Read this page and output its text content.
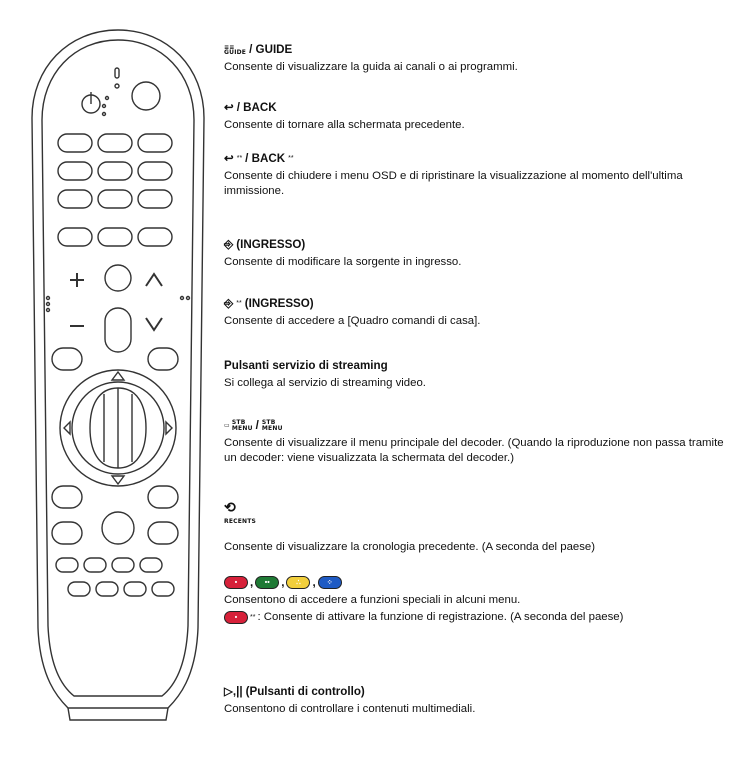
≡≡
GUIDE / GUIDE
Consente di visualizzare la guida ai canali o ai programmi.
↩ / BACK
Consente di tornare alla schermata precedente.
↩ ** / BACK **
Consente di chiudere i menu OSD e di ripristinare la visualizzazione al momento dell'ultima immissione.
⎆ (INGRESSO)
Consente di modificare la sorgente in ingresso.
⎆ ** (INGRESSO)
Consente di accedere a [Quadro comandi di casa].
Pulsanti servizio di streaming
Si collega al servizio di streaming video.
▭ STB
MENU / STB
MENU
Consente di visualizzare il menu principale del decoder. (Quando la riproduzione non passa tramite un decoder: viene visualizzata la schermata del decoder.)
⟲
RECENTS
Consente di visualizzare la cronologia precedente. (A seconda del paese)
• , •• , ∴ , ⁘
Consentono di accedere a funzioni speciali in alcuni menu.
• ** : Consente di attivare la funzione di registrazione. (A seconda del paese)
▷,|| (Pulsanti di controllo)
Consentono di controllare i contenuti multimediali.
